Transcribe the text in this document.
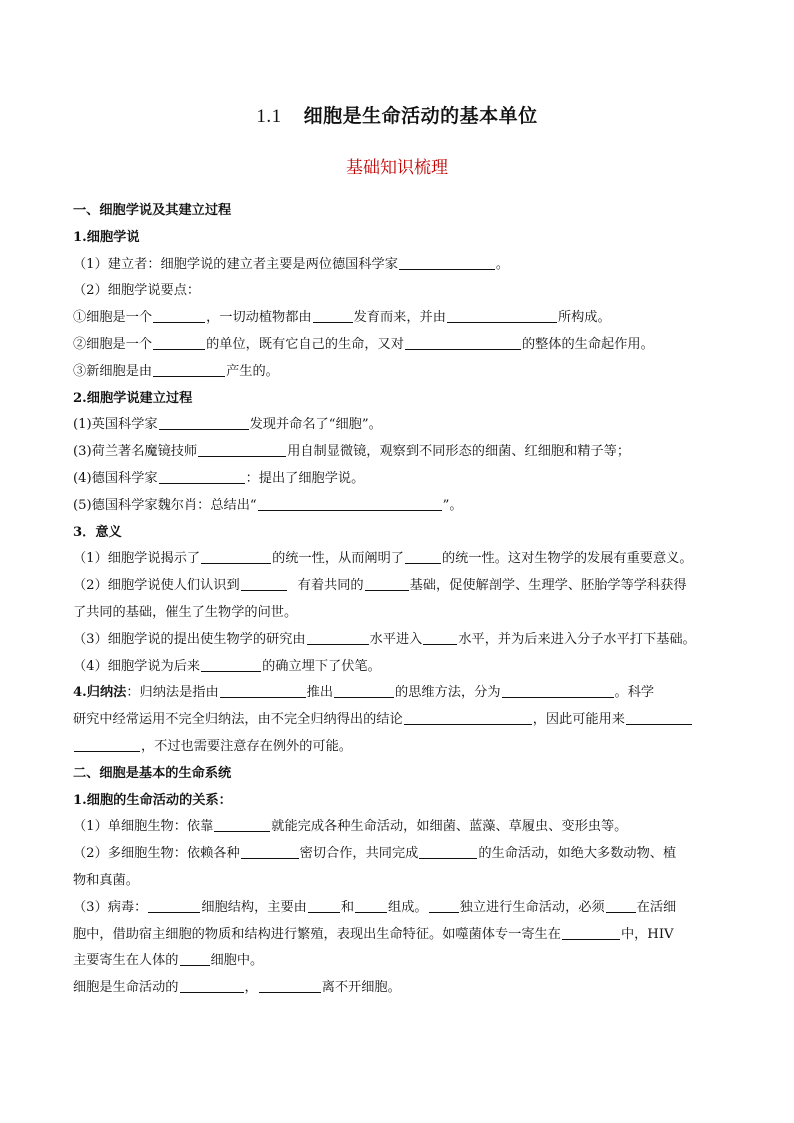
1.1 细胞是生命活动的基本单位
基础知识梳理

一、细胞学说及其建立过程

1.细胞学说

（1）建立者：细胞学说的建立者主要是两位德国科学家	。

（2）细胞学说要点：

①细胞是一个	，一切动植物都由	发育而来，并由	所构成。

②细胞是一个	的单位，既有它自己的生命，又对	的整体的生命起作用。

③新细胞是由	产生的。

2.细胞学说建立过程

(1)英国科学家	发现并命名了“细胞”。

(3)荷兰著名魔镜技师	用自制显微镜，观察到不同形态的细菌、红细胞和精子等；

(4)德国科学家	：提出了细胞学说。

(5)德国科学家魏尔肖：总结出“	”。

3．意义

（1）细胞学说揭示了	的统一性，从而阐明了	的统一性。这对生物学的发展有重要意义。

（2）细胞学说使人们认识到	有着共同的	基础，促使解剖学、生理学、胚胎学等学科获得

了共同的基础，催生了生物学的问世。

（3）细胞学说的提出使生物学的研究由	水平进入	水平，并为后来进入分子水平打下基础。

（4）细胞学说为后来	的确立埋下了伏笔。

4.归纳法：归纳法是指由	推出	的思维方法，分为	。科学

研究中经常运用不完全归纳法，由不完全归纳得出的结论	，因此可能用来

，不过也需要注意存在例外的可能。

二、细胞是基本的生命系统

1.细胞的生命活动的关系：

（1）单细胞生物：依靠	就能完成各种生命活动，如细菌、蓝藻、草履虫、变形虫等。

（2）多细胞生物：依赖各种	密切合作，共同完成	的生命活动，如绝大多数动物、植

物和真菌。

（3）病毒：	细胞结构，主要由	和	组成。 独立进行生命活动，必须 在活细

胞中，借助宿主细胞的物质和结构进行繁殖，表现出生命特征。如噬菌体专一寄生在	中，HIV

主要寄生在人体的 细胞中。

细胞是生命活动的	，	离不开细胞。
